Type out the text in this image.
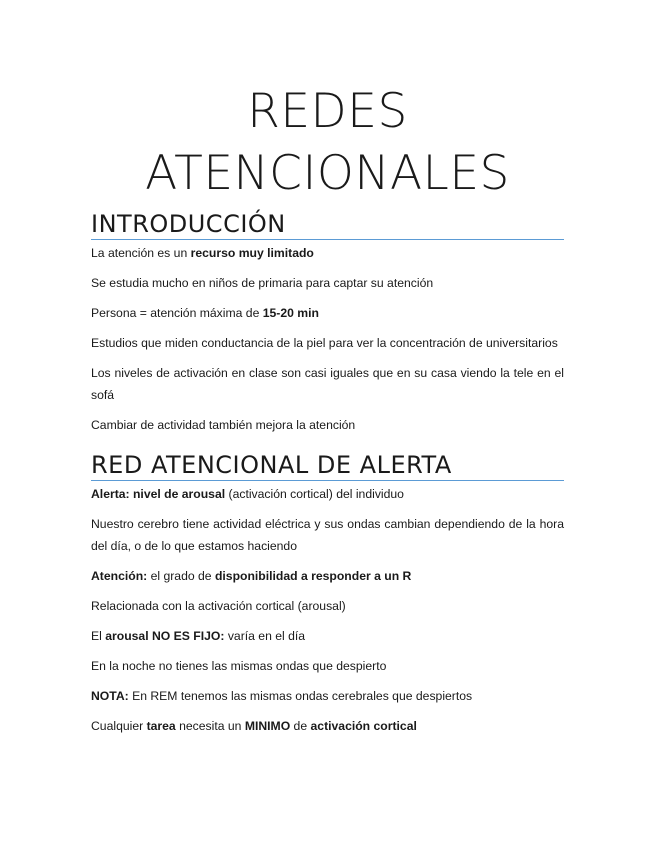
REDES
ATENCIONALES
INTRODUCCIÓN

La atención es un recurso muy limitado

Se estudia mucho en niños de primaria para captar su atención

Persona = atención máxima de 15-20 min

Estudios que miden conductancia de la piel para ver la concentración de universitarios

Los niveles de activación en clase son casi iguales que en su casa viendo la tele en el sofá

Cambiar de actividad también mejora la atención

RED ATENCIONAL DE ALERTA

Alerta: nivel de arousal (activación cortical) del individuo

Nuestro cerebro tiene actividad eléctrica y sus ondas cambian dependiendo de la hora del día, o de lo que estamos haciendo

Atención: el grado de disponibilidad a responder a un R

Relacionada con la activación cortical (arousal)

El arousal NO ES FIJO: varía en el día

En la noche no tienes las mismas ondas que despierto

NOTA: En REM tenemos las mismas ondas cerebrales que despiertos

Cualquier tarea necesita un MINIMO de activación cortical
